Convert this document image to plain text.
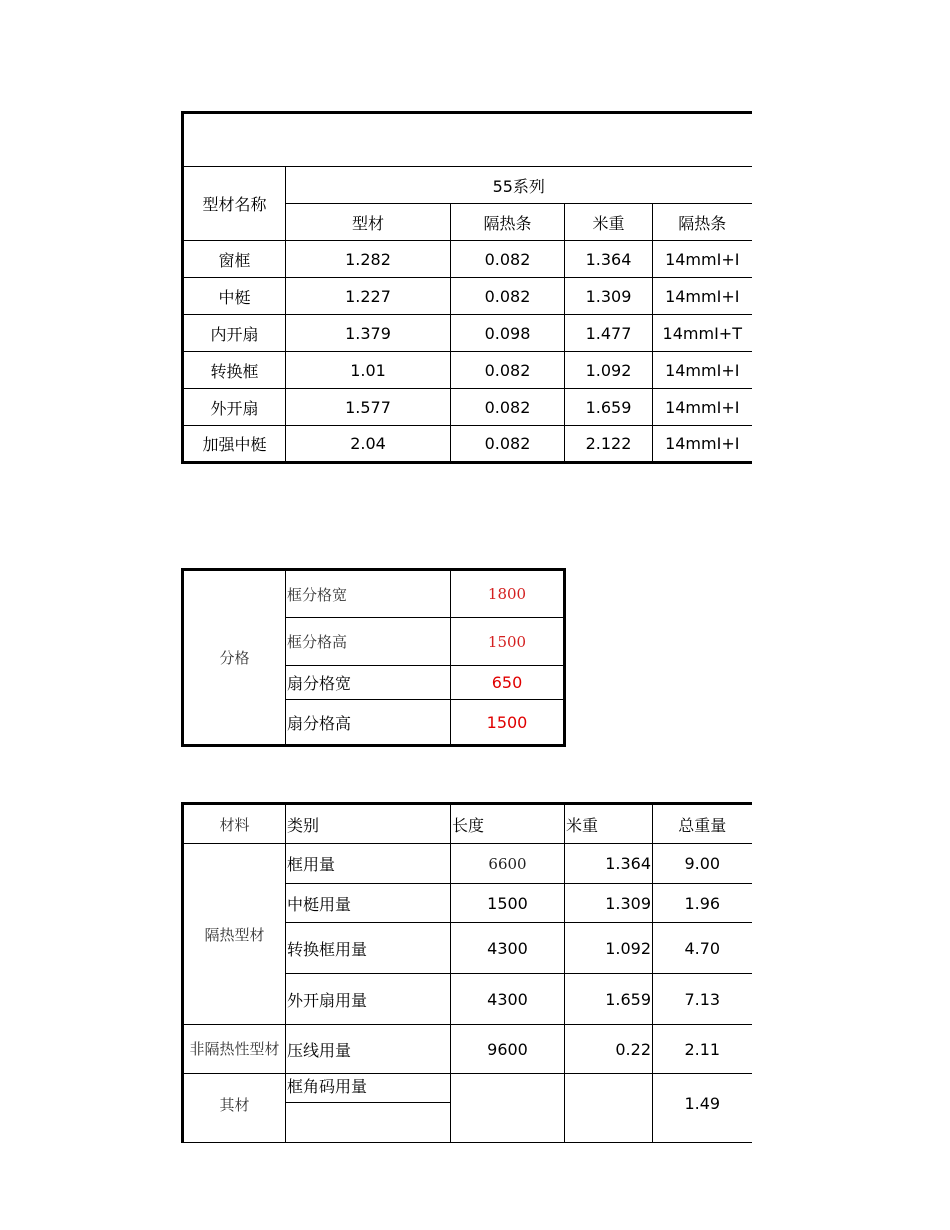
型材名称	55系列			
	型材	隔热条	米重	隔热条
窗框	1.282	0.082	1.364	14mmI+I
中梃	1.227	0.082	1.309	14mmI+I
内开扇	1.379	0.098	1.477	14mmI+T
转换框	1.01	0.082	1.092	14mmI+I
外开扇	1.577	0.082	1.659	14mmI+I
加强中梃	2.04	0.082	2.122	14mmI+I
分格	框分格宽	1800
	框分格高	1500
	扇分格宽	650
	扇分格高	1500
材料	类别	长度	米重	总重量
隔热型材	框用量	6600	1.364	9.00
	中梃用量	1500	1.309	1.96
	转换框用量	4300	1.092	4.70
	外开扇用量	4300	1.659	7.13
非隔热性型材	压线用量	9600	0.22	2.11
其材	框角码用量			1.49
